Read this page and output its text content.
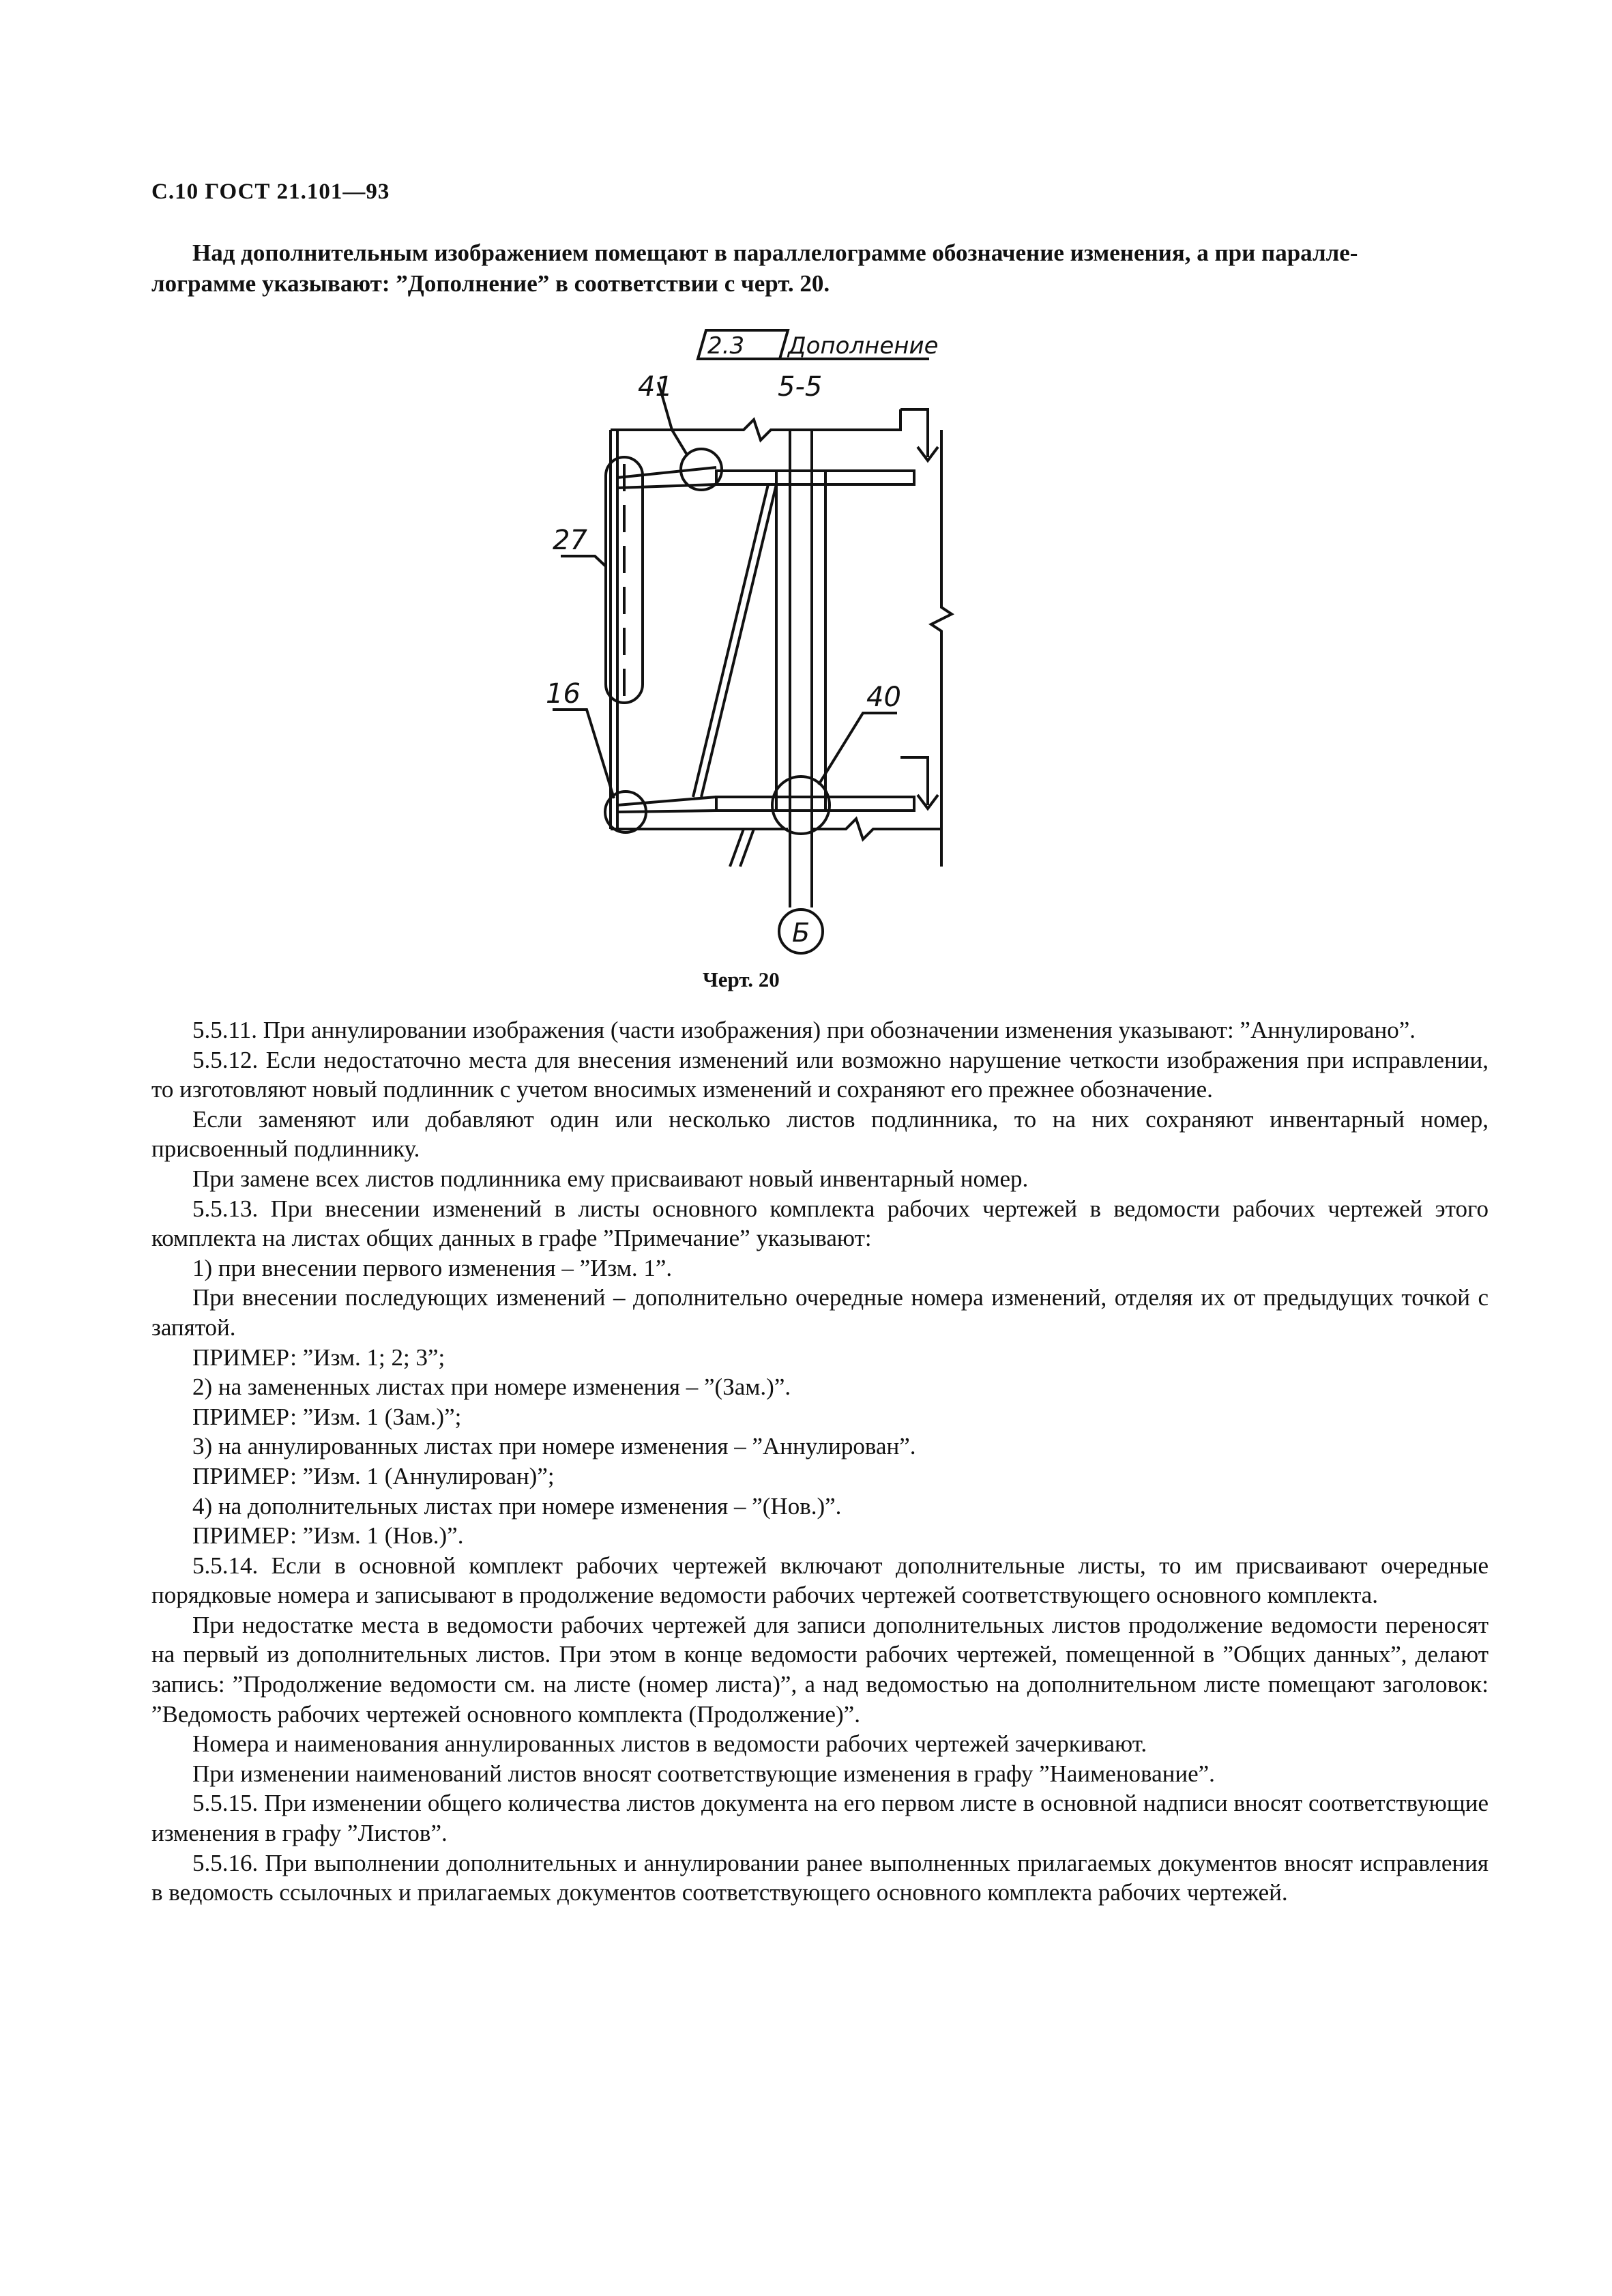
С.10 ГОСТ 21.101—93
Над дополнительным изображением помещают в параллелограмме обозначение изменения, а при паралле-
лограмме указывают: ”Дополнение” в соответствии с черт. 20.
2.3 Дополнение
5-5
41
27
16	40
Б
Черт. 20

5.5.11. При аннулировании изображения (части изображения) при обозначении изменения указывают: ”Аннулировано”.

5.5.12. Если недостаточно места для внесения изменений или возможно нарушение четкости изображения при исправлении, то изготовляют новый подлинник с учетом вносимых изменений и сохраняют его прежнее обозначение.

Если заменяют или добавляют один или несколько листов подлинника, то на них сохраняют инвентарный номер, присвоенный подлиннику.

При замене всех листов подлинника ему присваивают новый инвентарный номер.

5.5.13. При внесении изменений в листы основного комплекта рабочих чертежей в ведомости рабочих чертежей этого комплекта на листах общих данных в графе ”Примечание” указывают:

1) при внесении первого изменения – ”Изм. 1”.

При внесении последующих изменений – дополнительно очередные номера изменений, отделяя их от предыдущих точкой с запятой.

ПРИМЕР: ”Изм. 1; 2; 3”;

2) на замененных листах при номере изменения – ”(Зам.)”.

ПРИМЕР: ”Изм. 1 (Зам.)”;

3) на аннулированных листах при номере изменения – ”Аннулирован”.

ПРИМЕР: ”Изм. 1 (Аннулирован)”;

4) на дополнительных листах при номере изменения – ”(Нов.)”.

ПРИМЕР: ”Изм. 1 (Нов.)”.

5.5.14. Если в основной комплект рабочих чертежей включают дополнительные листы, то им присваивают очередные порядковые номера и записывают в продолжение ведомости рабочих чертежей соответствующего основного комплекта.

При недостатке места в ведомости рабочих чертежей для записи дополнительных листов продолжение ведомости переносят на первый из дополнительных листов. При этом в конце ведомости рабочих чертежей, помещенной в ”Общих данных”, делают запись: ”Продолжение ведомости см. на листе (номер листа)”, а над ведомостью на дополнительном листе помещают заголовок: ”Ведомость рабочих чертежей основного комплекта (Продолжение)”.

Номера и наименования аннулированных листов в ведомости рабочих чертежей зачеркивают.

При изменении наименований листов вносят соответствующие изменения в графу ”Наименование”.

5.5.15. При изменении общего количества листов документа на его первом листе в основной надписи вносят соответствующие изменения в графу ”Листов”.

5.5.16. При выполнении дополнительных и аннулировании ранее выполненных прилагаемых документов вносят исправления в ведомость ссылочных и прилагаемых документов соответствующего основного комплекта рабочих чертежей.
